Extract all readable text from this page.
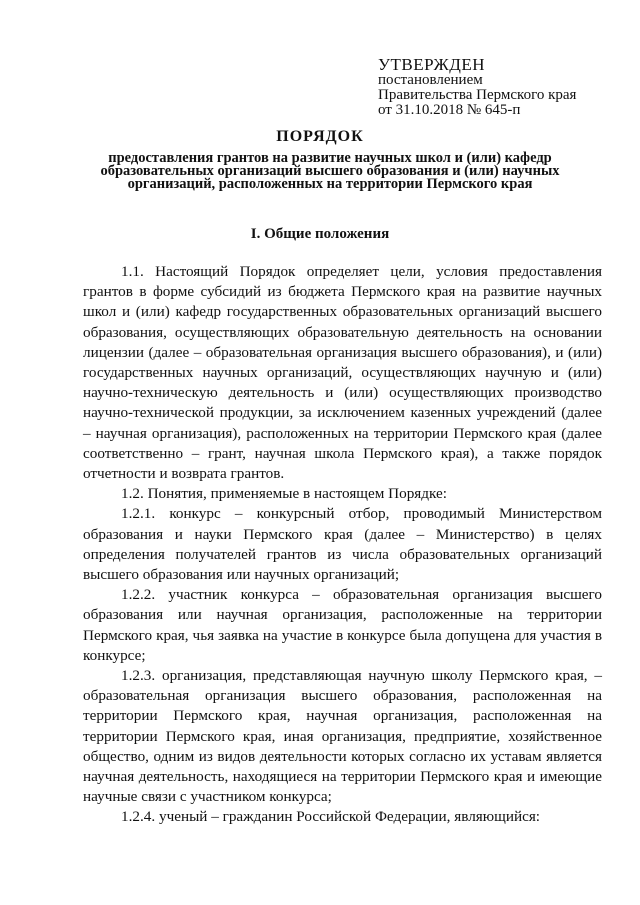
УТВЕРЖДЕН
постановлением
Правительства Пермского края
от 31.10.2018 № 645-п
ПОРЯДОК
предоставления грантов на развитие научных школ и (или) кафедр образовательных организаций высшего образования и (или) научных организаций, расположенных на территории Пермского края
I. Общие положения

1.1. Настоящий Порядок определяет цели, условия предоставления грантов в форме субсидий из бюджета Пермского края на развитие научных школ и (или) кафедр государственных образовательных организаций высшего образования, осуществляющих образовательную деятельность на основании лицензии (далее – образовательная организация высшего образования), и (или) государственных научных организаций, осуществляющих научную и (или) научно-техническую деятельность и (или) осуществляющих производство научно-технической продукции, за исключением казенных учреждений (далее – научная организация), расположенных на территории Пермского края (далее соответственно – грант, научная школа Пермского края), а также порядок отчетности и возврата грантов.

1.2. Понятия, применяемые в настоящем Порядке:

1.2.1. конкурс – конкурсный отбор, проводимый Министерством образования и науки Пермского края (далее – Министерство) в целях определения получателей грантов из числа образовательных организаций высшего образования или научных организаций;

1.2.2. участник конкурса – образовательная организация высшего образования или научная организация, расположенные на территории Пермского края, чья заявка на участие в конкурсе была допущена для участия в конкурсе;

1.2.3. организация, представляющая научную школу Пермского края, – образовательная организация высшего образования, расположенная на территории Пермского края, научная организация, расположенная на территории Пермского края, иная организация, предприятие, хозяйственное общество, одним из видов деятельности которых согласно их уставам является научная деятельность, находящиеся на территории Пермского края и имеющие научные связи с участником конкурса;

1.2.4. ученый – гражданин Российской Федерации, являющийся:
